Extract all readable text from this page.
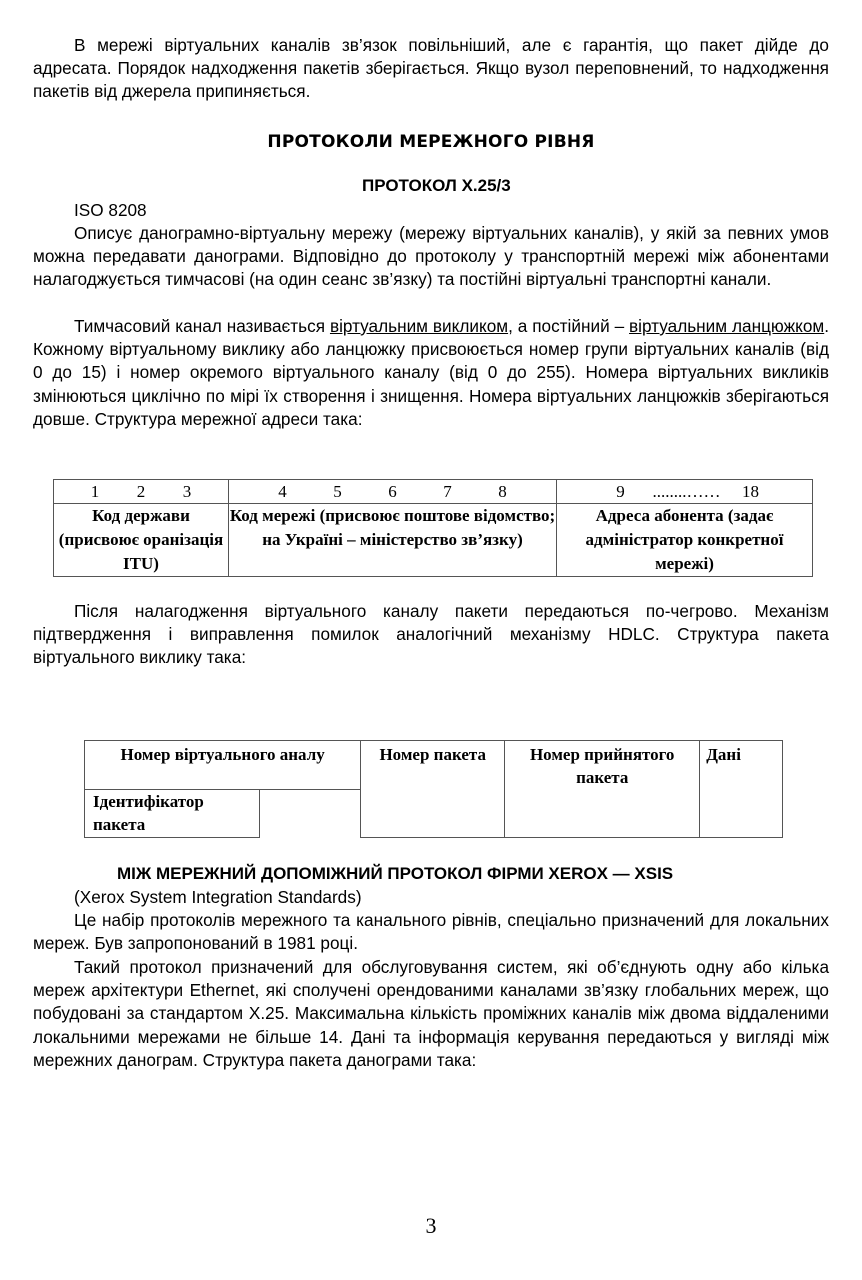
В мережі віртуальних каналів зв’язок повільніший, але є гарантія, що пакет дійде до адресата. Порядок надходження пакетів зберігається. Якщо вузол переповнений, то надходження пакетів від джерела припиняється.

ПРОТОКОЛИ МЕРЕЖНОГО РІВНЯ
ПРОТОКОЛ X.25/3

ISO 8208

Описує данограмно-віртуальну мережу (мережу віртуальних каналів), у якій за певних умов можна передавати данограми. Відповідно до протоколу у транспортній мережі між абонентами налагоджується тимчасові (на один сеанс зв’язку) та постійні віртуальні транспортні канали.

Тимчасовий канал називається віртуальним викликом, а постійний – віртуальним ланцюжком. Кожному віртуальному виклику або ланцюжку присвоюється номер групи віртуальних каналів (від 0 до 15) і номер окремого віртуального каналу (від 0 до 255). Номера віртуальних викликів змінюються циклічно по мірі їх створення і знищення. Номера віртуальних ланцюжків зберігаються довше. Структура мережної адреси така:

1 2 3	4 5 6 7 8	9 ........…… 18
Код держави (присвоює оранізація ITU)	Код мережі (присвоює поштове відомство; на Україні – міністерство зв’язку)	Адреса абонента (задає адміністратор конкретної мережі)

Після налагодження віртуального каналу пакети передаються по-чегрово. Механізм підтвердження і виправлення помилок аналогічний механізму HDLC. Структура пакета віртуального виклику така:

Номер віртуального аналу		Номер пакета	Номер прийнятого пакета	Дані
Ідентифікатор пакета				
МІЖ МЕРЕЖНИЙ ДОПОМІЖНИЙ ПРОТОКОЛ ФІРМИ XEROX — XSIS

(Xerox System Integration Standards)

Це набір протоколів мережного та канального рівнів, спеціально призначений для локальних мереж. Був запропонований в 1981 році.

Такий протокол призначений для обслуговування систем, які об’єднують одну або кілька мереж архітектури Ethernet, які сполучені орендованими каналами зв’язку глобальних мереж, що побудовані за стандартом X.25. Максимальна кількість проміжних каналів між двома віддаленими локальними мережами не більше 14. Дані та інформація керування передаються у вигляді між мережних данограм. Структура пакета данограми така:

3
